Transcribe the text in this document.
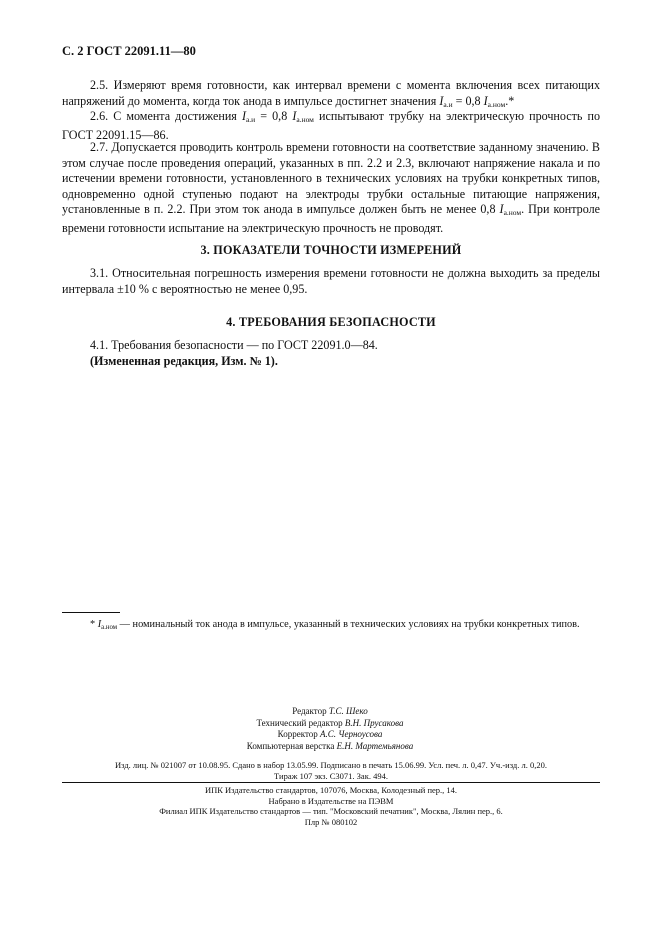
С. 2 ГОСТ 22091.11—80
2.5. Измеряют время готовности, как интервал времени с момента включения всех питающих напряжений до момента, когда ток анода в импульсе достигнет значения $I_{а.и} = 0,8$ $I_{а.ном}.*$
2.6. С момента достижения $I_{а.и} = 0,8$ $I_{а.ном}$ испытывают трубку на электрическую прочность по ГОСТ 22091.15—86.
2.7. Допускается проводить контроль времени готовности на соответствие заданному значению. В этом случае после проведения операций, указанных в пп. 2.2 и 2.3, включают напряжение накала и по истечении времени готовности, установленного в технических условиях на трубки конкретных типов, одновременно одной ступенью подают на электроды трубки остальные питающие напряжения, установленные в п. 2.2. При этом ток анода в импульсе должен быть не менее 0,8 $I_{а.ном}$. При контроле времени готовности испытание на электрическую прочность не проводят.
3. ПОКАЗАТЕЛИ ТОЧНОСТИ ИЗМЕРЕНИЙ
3.1. Относительная погрешность измерения времени готовности не должна выходить за пределы интервала ±10 % с вероятностью не менее 0,95.
4. ТРЕБОВАНИЯ БЕЗОПАСНОСТИ
4.1. Требования безопасности — по ГОСТ 22091.0—84.
(Измененная редакция, Изм. № 1).
* $I_{а.ном}$ — номинальный ток анода в импульсе, указанный в технических условиях на трубки конкретных типов.
Редактор Т.С. Шеко
Технический редактор В.Н. Прусакова
Корректор А.С. Черноусова
Компьютерная верстка Е.Н. Мартемьянова
Изд. лиц. № 021007 от 10.08.95. Сдано в набор 13.05.99. Подписано в печать 15.06.99. Усл. печ. л. 0,47. Уч.-изд. л. 0,20.
Тираж 107 экз. С3071. Зак. 494.
ИПК Издательство стандартов, 107076, Москва, Колодезный пер., 14.
Набрано в Издательстве на ПЭВМ
Филиал ИПК Издательство стандартов — тип. "Московский печатник", Москва, Лялин пер., 6.
Плр № 080102
